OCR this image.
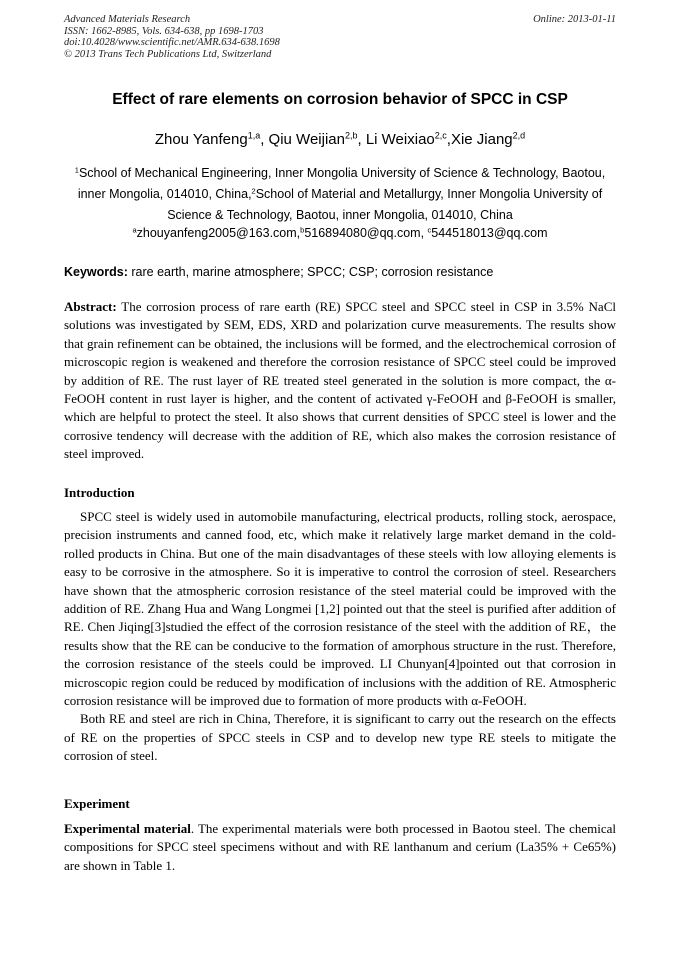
Advanced Materials Research
ISSN: 1662-8985, Vols. 634-638, pp 1698-1703
doi:10.4028/www.scientific.net/AMR.634-638.1698
© 2013 Trans Tech Publications Ltd, Switzerland
Online: 2013-01-11
Effect of rare elements on corrosion behavior of SPCC in CSP
Zhou Yanfeng$^{1,a}$, Qiu Weijian$^{2,b}$, Li Weixiao$^{2,c}$,Xie Jiang$^{2,d}$
$^1$School of Mechanical Engineering, Inner Mongolia University of Science & Technology, Baotou, inner Mongolia, 014010, China,$^2$School of Material and Metallurgy, Inner Mongolia University of Science & Technology, Baotou, inner Mongolia, 014010, China
$^a$zhouyanfeng2005@163.com,$^b$516894080@qq.com, $^c$544518013@qq.com
Keywords: rare earth, marine atmosphere; SPCC; CSP; corrosion resistance
Abstract: The corrosion process of rare earth (RE) SPCC steel and SPCC steel in CSP in 3.5% NaCl solutions was investigated by SEM, EDS, XRD and polarization curve measurements. The results show that grain refinement can be obtained, the inclusions will be formed, and the electrochemical corrosion of microscopic region is weakened and therefore the corrosion resistance of SPCC steel could be improved by addition of RE. The rust layer of RE treated steel generated in the solution is more compact, the α-FeOOH content in rust layer is higher, and the content of activated γ-FeOOH and β-FeOOH is smaller, which are helpful to protect the steel. It also shows that current densities of SPCC steel is lower and the corrosive tendency will decrease with the addition of RE, which also makes the corrosion resistance of steel improved.
Introduction

SPCC steel is widely used in automobile manufacturing, electrical products, rolling stock, aerospace, precision instruments and canned food, etc, which make it relatively large market demand in the cold-rolled products in China. But one of the main disadvantages of these steels with low alloying elements is easy to be corrosive in the atmosphere. So it is imperative to control the corrosion of steel. Researchers have shown that the atmospheric corrosion resistance of the steel material could be improved with the addition of RE. Zhang Hua and Wang Longmei [1,2] pointed out that the steel is purified after addition of RE. Chen Jiqing[3]studied the effect of the corrosion resistance of the steel with the addition of RE，the results show that the RE can be conducive to the formation of amorphous structure in the rust. Therefore, the corrosion resistance of the steels could be improved. LI Chunyan[4]pointed out that corrosion in microscopic region could be reduced by modification of inclusions with the addition of RE. Atmospheric corrosion resistance will be improved due to formation of more products with α-FeOOH.

Both RE and steel are rich in China, Therefore, it is significant to carry out the research on the effects of RE on the properties of SPCC steels in CSP and to develop new type RE steels to mitigate the corrosion of steel.

Experiment

Experimental material. The experimental materials were both processed in Baotou steel. The chemical compositions for SPCC steel specimens without and with RE lanthanum and cerium (La35% + Ce65%) are shown in Table 1.
